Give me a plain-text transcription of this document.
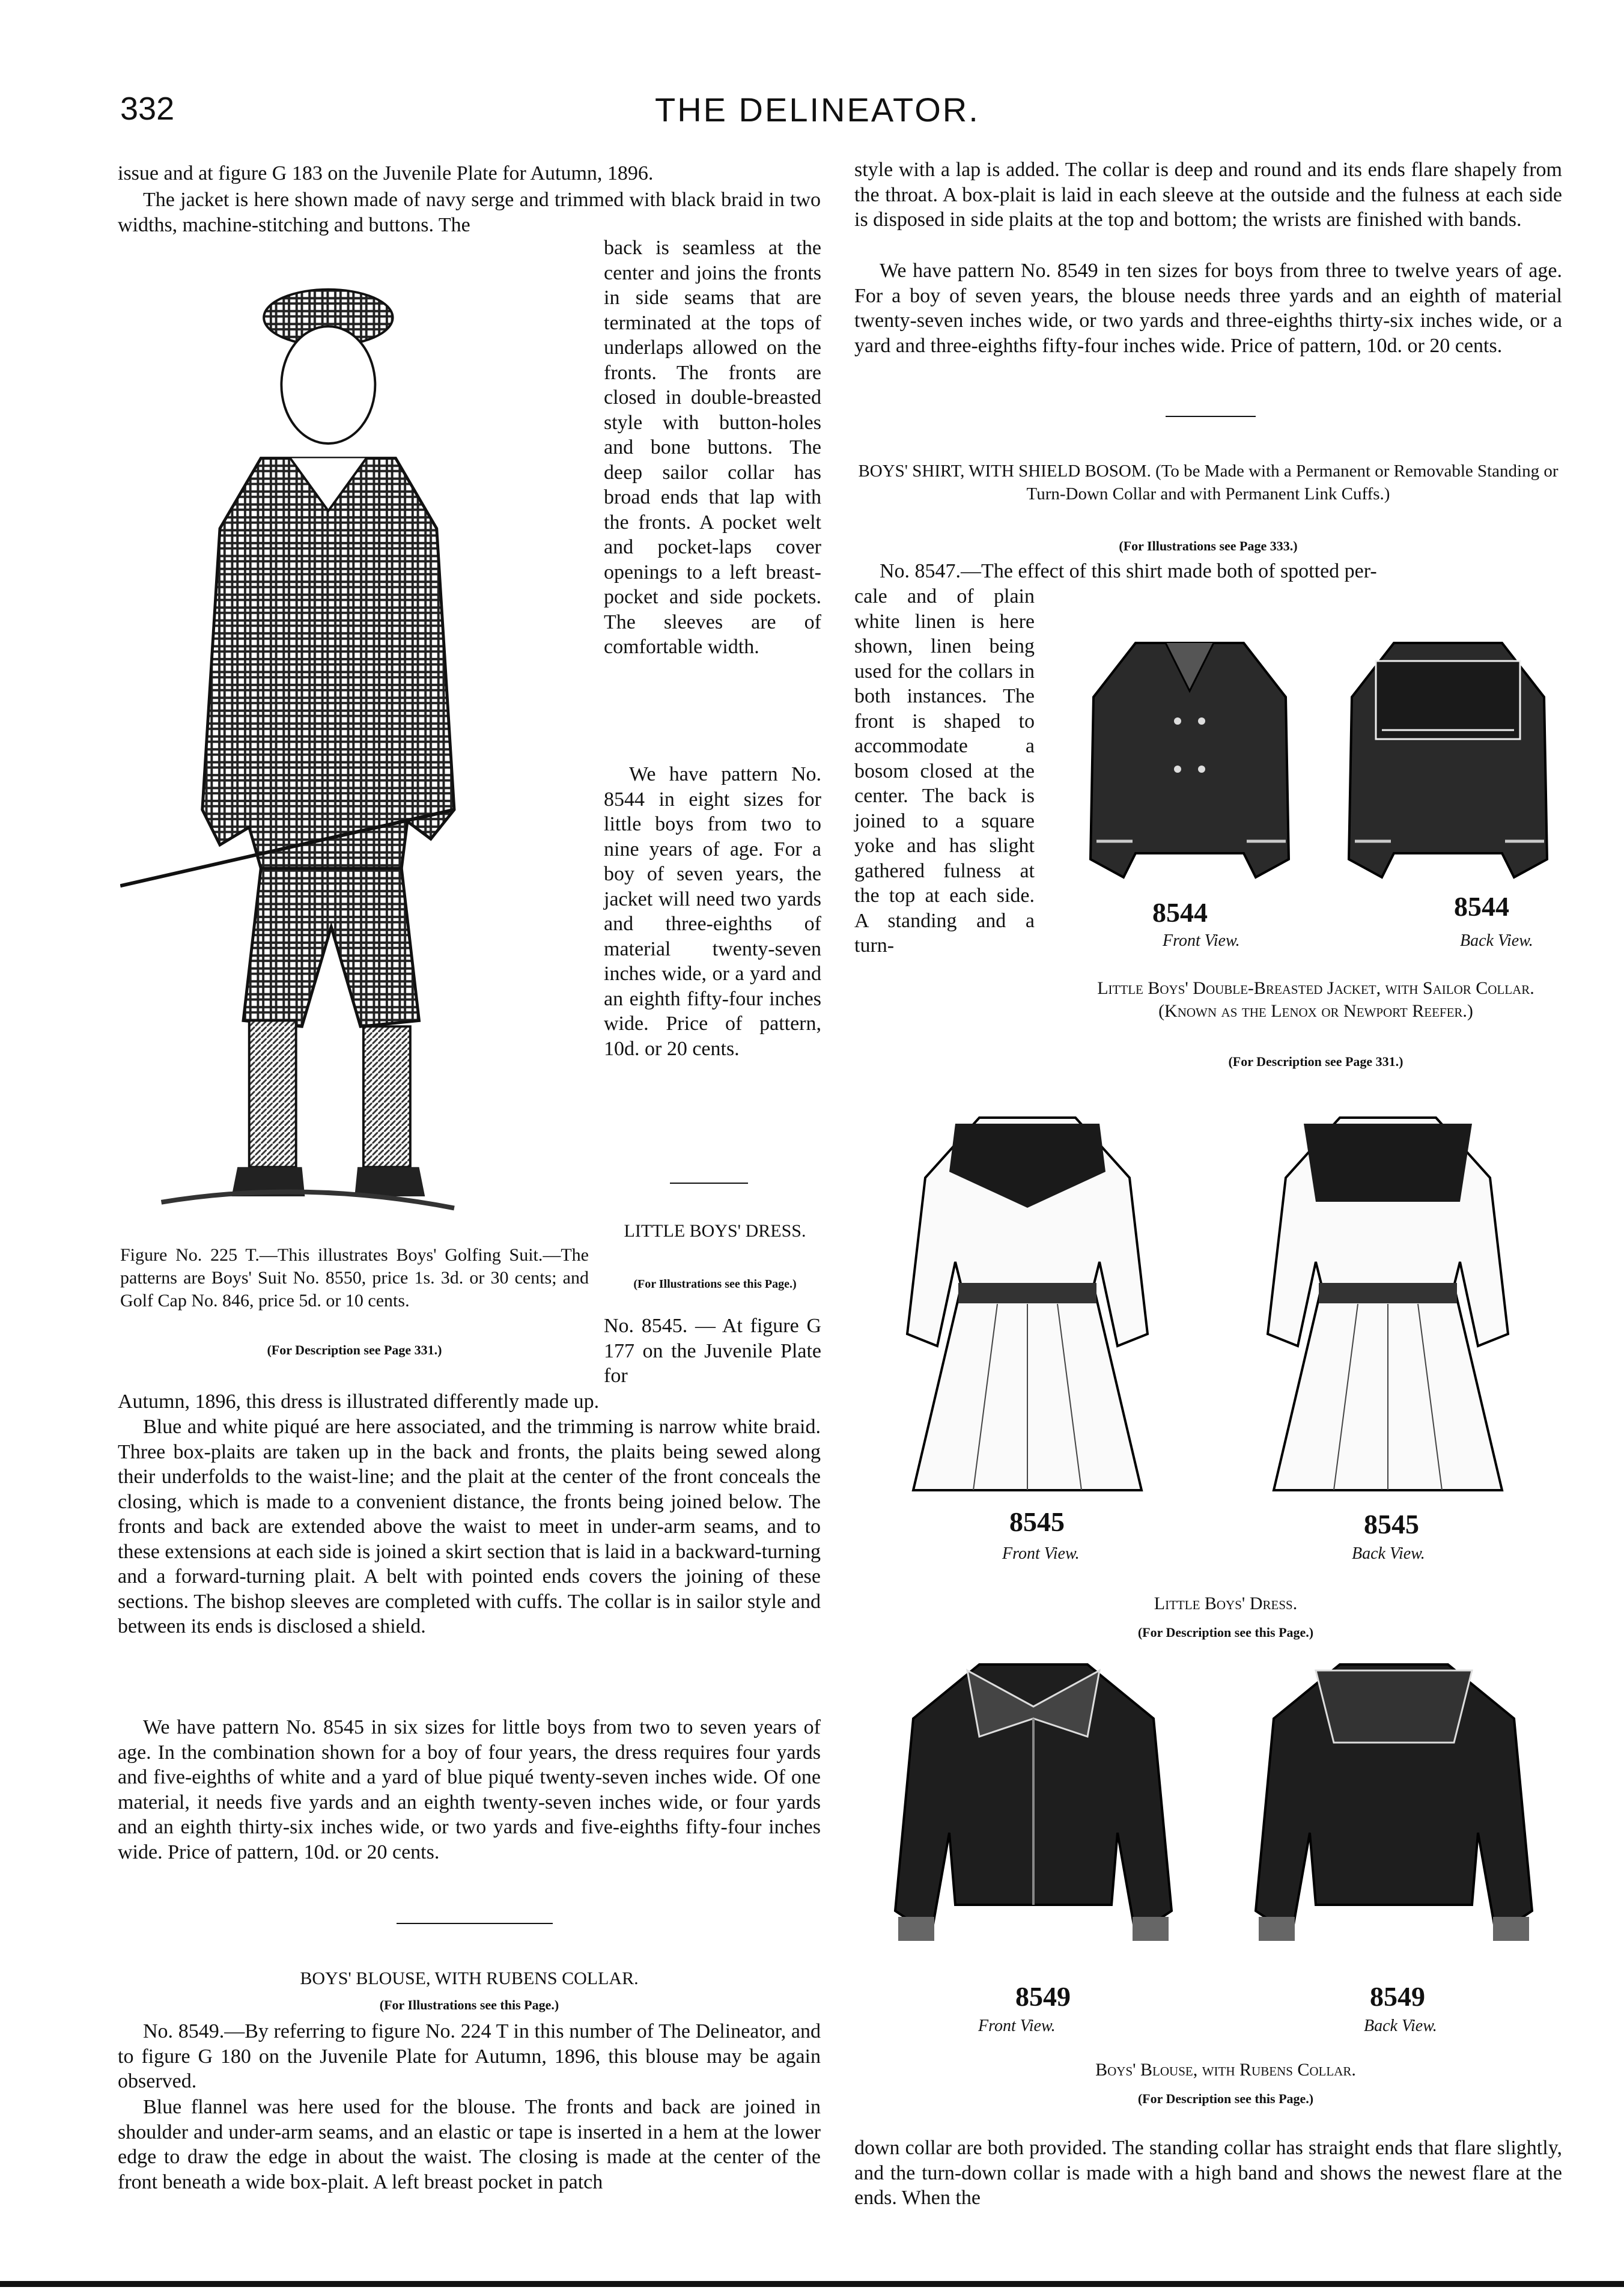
332	THE DELINEATOR.

issue and at figure G 183 on the Juvenile Plate for Autumn, 1896.

The jacket is here shown made of navy serge and trimmed with black braid in two widths, machine-stitching and buttons. The

back is seamless at the center and joins the fronts in side seams that are terminated at the tops of underlaps allowed on the fronts. The fronts are closed in double-breasted style with button-holes and bone buttons. The deep sailor collar has broad ends that lap with the fronts. A pocket welt and pocket-laps cover openings to a left breast-pocket and side pockets. The sleeves are of comfortable width.

We have pattern No. 8544 in eight sizes for little boys from two to nine years of age. For a boy of seven years, the jacket will need two yards and three-eighths of material twenty-seven inches wide, or a yard and an eighth fifty-four inches wide. Price of pattern, 10d. or 20 cents.

Figure No. 225 T.—This illustrates Boys' Golfing Suit.—The patterns are Boys' Suit No. 8550, price 1s. 3d. or 30 cents; and Golf Cap No. 846, price 5d. or 10 cents.

(For Description see Page 331.)

LITTLE BOYS' DRESS.

(For Illustrations see this Page.)

No. 8545. — At figure G 177 on the Juvenile Plate for

Autumn, 1896, this dress is illustrated differently made up.

Blue and white piqué are here associated, and the trimming is narrow white braid. Three box-plaits are taken up in the back and fronts, the plaits being sewed along their underfolds to the waist-line; and the plait at the center of the front conceals the closing, which is made to a convenient distance, the fronts being joined below. The fronts and back are extended above the waist to meet in under-arm seams, and to these extensions at each side is joined a skirt section that is laid in a backward-turning and a forward-turning plait. A belt with pointed ends covers the joining of these sections. The bishop sleeves are completed with cuffs. The collar is in sailor style and between its ends is disclosed a shield.

We have pattern No. 8545 in six sizes for little boys from two to seven years of age. In the combination shown for a boy of four years, the dress requires four yards and five-eighths of white and a yard of blue piqué twenty-seven inches wide. Of one material, it needs five yards and an eighth twenty-seven inches wide, or four yards and an eighth thirty-six inches wide, or two yards and five-eighths fifty-four inches wide. Price of pattern, 10d. or 20 cents.

BOYS' BLOUSE, WITH RUBENS COLLAR.

(For Illustrations see this Page.)

No. 8549.—By referring to figure No. 224 T in this number of The Delineator, and to figure G 180 on the Juvenile Plate for Autumn, 1896, this blouse may be again observed.

Blue flannel was here used for the blouse. The fronts and back are joined in shoulder and under-arm seams, and an elastic or tape is inserted in a hem at the lower edge to draw the edge in about the waist. The closing is made at the center of the front beneath a wide box-plait. A left breast pocket in patch

style with a lap is added. The collar is deep and round and its ends flare shapely from the throat. A box-plait is laid in each sleeve at the outside and the fulness at each side is disposed in side plaits at the top and bottom; the wrists are finished with bands.

We have pattern No. 8549 in ten sizes for boys from three to twelve years of age. For a boy of seven years, the blouse needs three yards and an eighth of material twenty-seven inches wide, or two yards and three-eighths thirty-six inches wide, or a yard and three-eighths fifty-four inches wide. Price of pattern, 10d. or 20 cents.

BOYS' SHIRT, WITH SHIELD BOSOM. (To be Made with a Permanent or Removable Standing or Turn-Down Collar and with Permanent Link Cuffs.)

(For Illustrations see Page 333.)

No. 8547.—The effect of this shirt made both of spotted per-

cale and of plain white linen is here shown, linen being used for the collars in both instances. The front is shaped to accommodate a bosom closed at the center. The back is joined to a square yoke and has slight gathered fulness at the top at each side. A standing and a turn-

8544	8544
Front View.	Back View.

Little Boys' Double-Breasted Jacket, with Sailor Collar. (Known as the Lenox or Newport Reefer.)

(For Description see Page 331.)

8545	8545
Front View.	Back View.

Little Boys' Dress.

(For Description see this Page.)

8549	8549
Front View.	Back View.

Boys' Blouse, with Rubens Collar.

(For Description see this Page.)

down collar are both provided. The standing collar has straight ends that flare slightly, and the turn-down collar is made with a high band and shows the newest flare at the ends. When the
